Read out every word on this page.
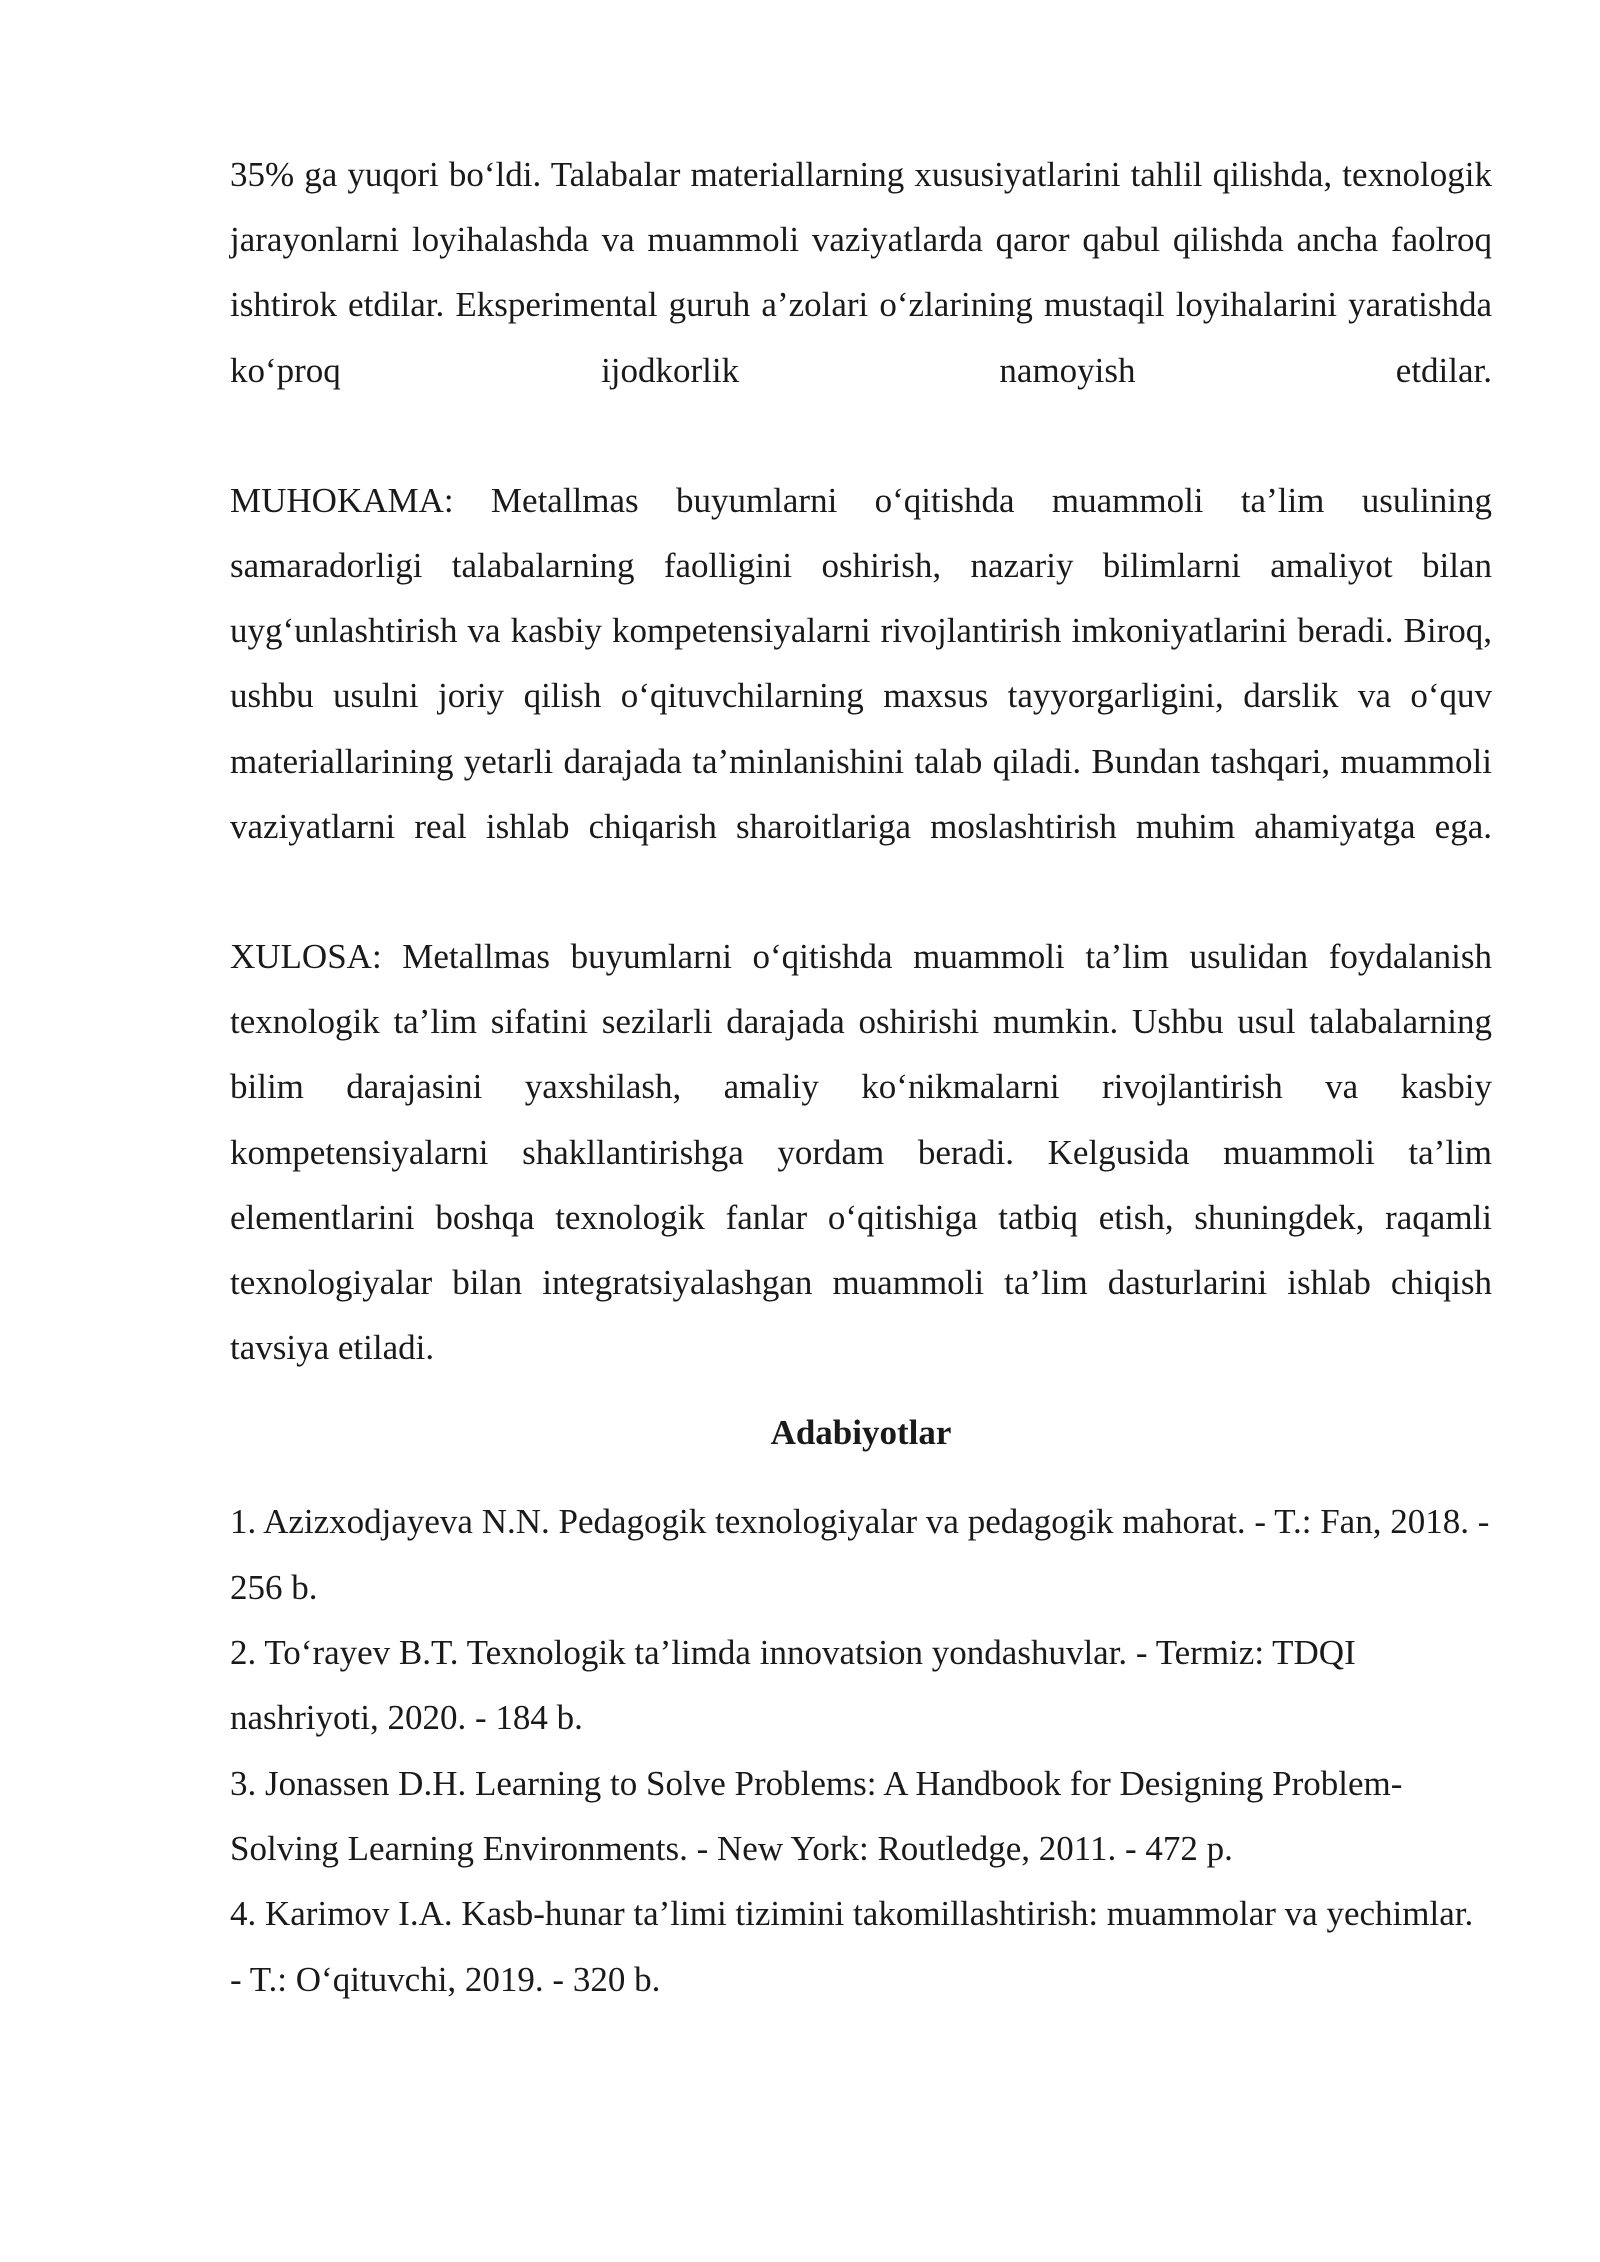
35% ga yuqori bo‘ldi. Talabalar materiallarning xususiyatlarini tahlil qilishda, texnologik jarayonlarni loyihalashda va muammoli vaziyatlarda qaror qabul qilishda ancha faolroq ishtirok etdilar. Eksperimental guruh a’zolari o‘zlarining mustaqil loyihalarini yaratishda ko‘proq ijodkorlik namoyish etdilar.

MUHOKAMA: Metallmas buyumlarni o‘qitishda muammoli ta’lim usulining samaradorligi talabalarning faolligini oshirish, nazariy bilimlarni amaliyot bilan uyg‘unlashtirish va kasbiy kompetensiyalarni rivojlantirish imkoniyatlarini beradi. Biroq, ushbu usulni joriy qilish o‘qituvchilarning maxsus tayyorgarligini, darslik va o‘quv materiallarining yetarli darajada ta’minlanishini talab qiladi. Bundan tashqari, muammoli vaziyatlarni real ishlab chiqarish sharoitlariga moslashtirish muhim ahamiyatga ega.

XULOSA: Metallmas buyumlarni o‘qitishda muammoli ta’lim usulidan foydalanish texnologik ta’lim sifatini sezilarli darajada oshirishi mumkin. Ushbu usul talabalarning bilim darajasini yaxshilash, amaliy ko‘nikmalarni rivojlantirish va kasbiy kompetensiyalarni shakllantirishga yordam beradi. Kelgusida muammoli ta’lim elementlarini boshqa texnologik fanlar o‘qitishiga tatbiq etish, shuningdek, raqamli texnologiyalar bilan integratsiyalashgan muammoli ta’lim dasturlarini ishlab chiqish tavsiya etiladi.

Adabiyotlar

1. Azizxodjayeva N.N. Pedagogik texnologiyalar va pedagogik mahorat. - T.: Fan, 2018. - 256 b.

2. To‘rayev B.T. Texnologik ta’limda innovatsion yondashuvlar. - Termiz: TDQI nashriyoti, 2020. - 184 b.

3. Jonassen D.H. Learning to Solve Problems: A Handbook for Designing Problem-Solving Learning Environments. - New York: Routledge, 2011. - 472 p.

4. Karimov I.A. Kasb-hunar ta’limi tizimini takomillashtirish: muammolar va yechimlar. - T.: O‘qituvchi, 2019. - 320 b.
